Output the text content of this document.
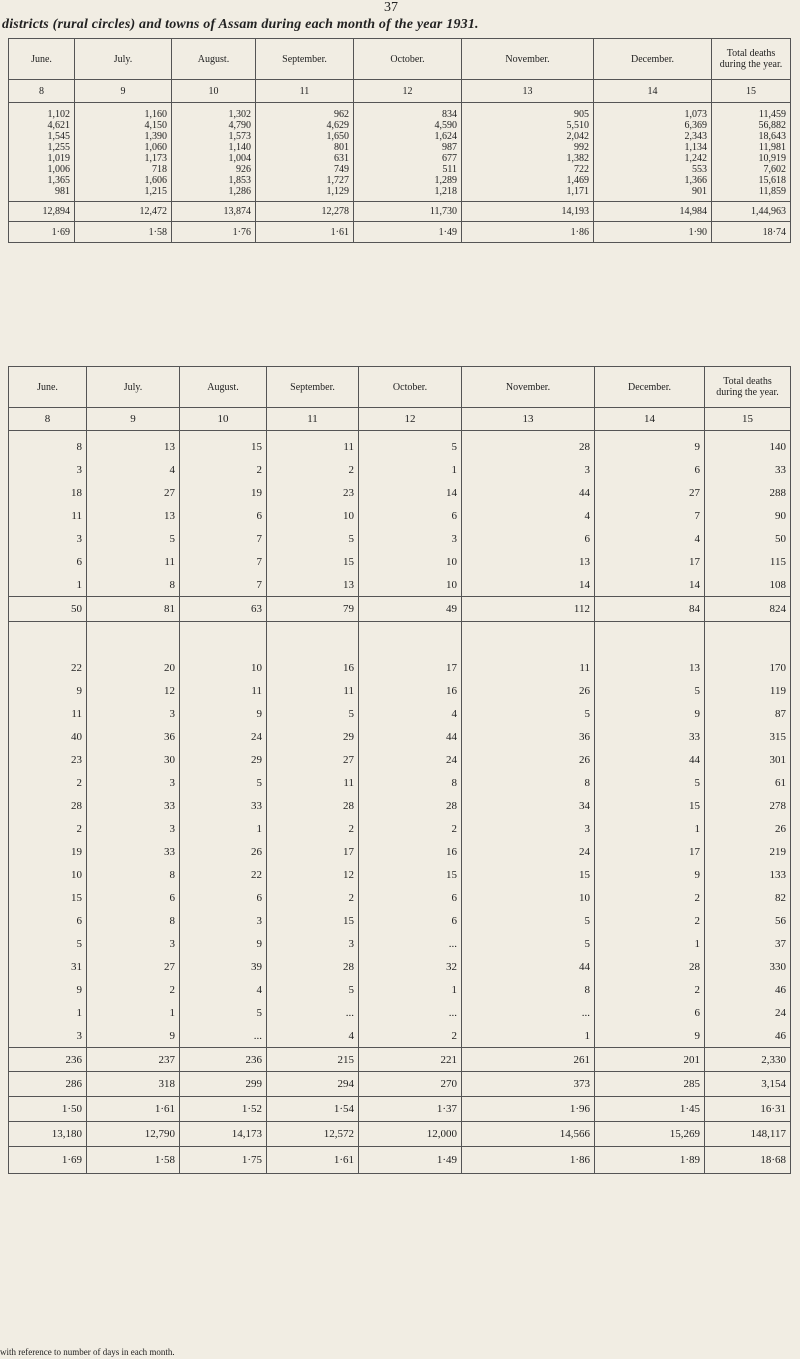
37
districts (rural circles) and towns of Assam during each month of the year 1931.
June.	July.	August.	September.	October.	November.	December.	Total deaths during the year.
8	9	10	11	12	13	14	15

1,102	1,160	1,302	962	834	905	1,073	11,459
4,621	4,150	4,790	4,629	4,590	5,510	6,369	56,882
1,545	1,390	1,573	1,650	1,624	2,042	2,343	18,643
1,255	1,060	1,140	801	987	992	1,134	11,981
1,019	1,173	1,004	631	677	1,382	1,242	10,919
1,006	718	926	749	511	722	553	7,602
1,365	1,606	1,853	1,727	1,289	1,469	1,366	15,618
981	1,215	1,286	1,129	1,218	1,171	901	11,859

12,894	12,472	13,874	12,278	11,730	14,193	14,984	1,44,963
1·69	1·58	1·76	1·61	1·49	1·86	1·90	18·74
June.	July.	August.	September.	October.	November.	December.	Total deaths during the year.
8	9	10	11	12	13	14	15

8	13	15	11	5	28	9	140
3	4	2	2	1	3	6	33
18	27	19	23	14	44	27	288
11	13	6	10	6	4	7	90
3	5	7	5	3	6	4	50
6	11	7	15	10	13	17	115
1	8	7	13	10	14	14	108
50	81	63	79	49	112	84	824

22	20	10	16	17	11	13	170
9	12	11	11	16	26	5	119
11	3	9	5	4	5	9	87
40	36	24	29	44	36	33	315
23	30	29	27	24	26	44	301
2	3	5	11	8	8	5	61
28	33	33	28	28	34	15	278
2	3	1	2	2	3	1	26
19	33	26	17	16	24	17	219
10	8	22	12	15	15	9	133
15	6	6	2	6	10	2	82
6	8	3	15	6	5	2	56
5	3	9	3	...	5	1	37
31	27	39	28	32	44	28	330
9	2	4	5	1	8	2	46
1	1	5	...	...	...	6	24
3	9	...	4	2	1	9	46
236	237	236	215	221	261	201	2,330
286	318	299	294	270	373	285	3,154
1·50	1·61	1·52	1·54	1·37	1·96	1·45	16·31
13,180	12,790	14,173	12,572	12,000	14,566	15,269	148,117
1·69	1·58	1·75	1·61	1·49	1·86	1·89	18·68
with reference to number of days in each month.
